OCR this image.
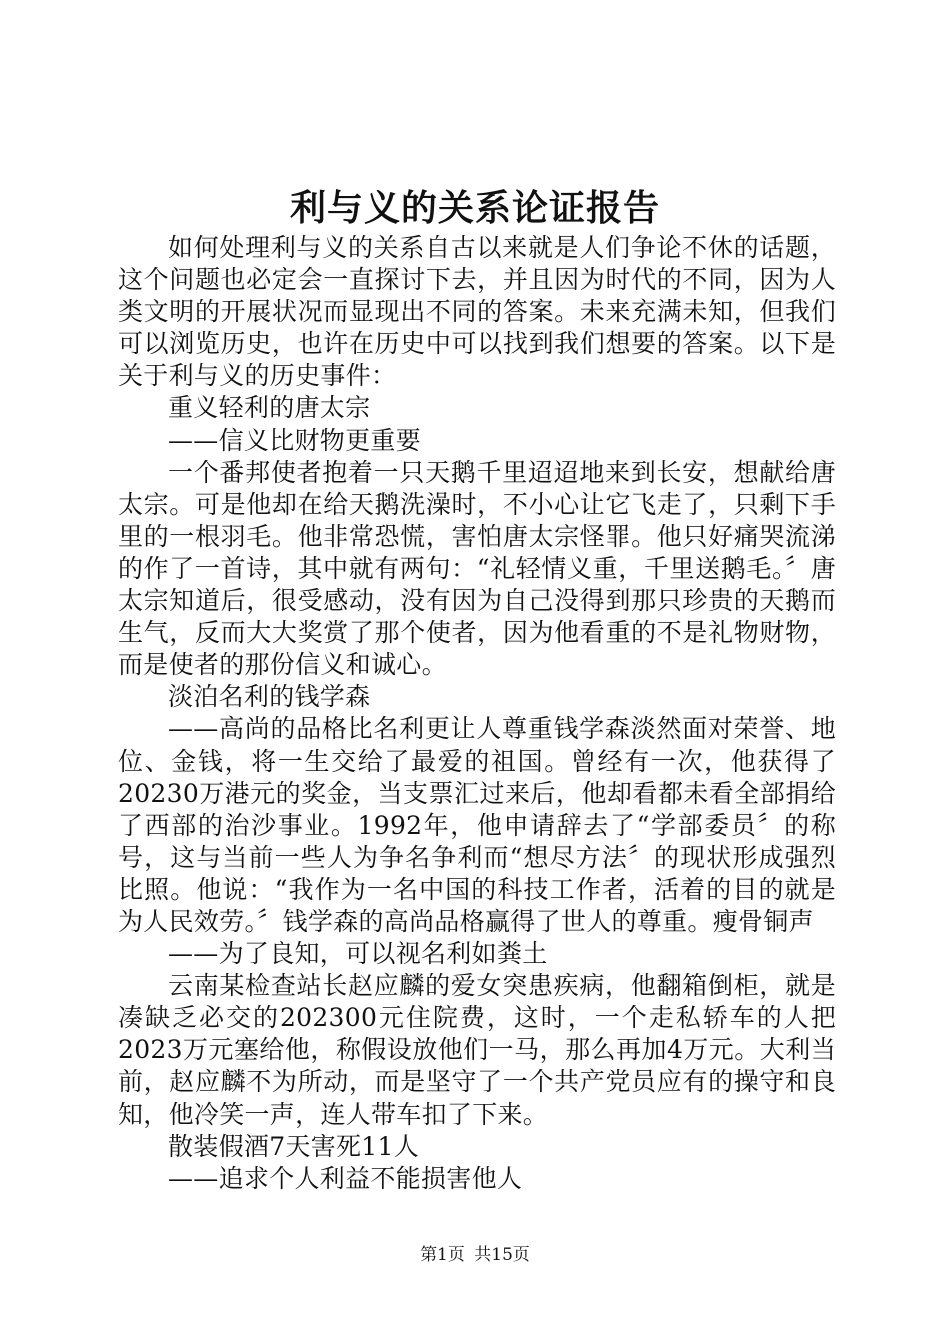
利与义的关系论证报告

如何处理利与义的关系自古以来就是人们争论不休的话题，这个问题也必定会一直探讨下去，并且因为时代的不同，因为人类文明的开展状况而显现出不同的答案。未来充满未知，但我们可以浏览历史，也许在历史中可以找到我们想要的答案。以下是关于利与义的历史事件：

重义轻利的唐太宗

——信义比财物更重要

一个番邦使者抱着一只天鹅千里迢迢地来到长安，想献给唐太宗。可是他却在给天鹅洗澡时，不小心让它飞走了，只剩下手里的一根羽毛。他非常恐慌，害怕唐太宗怪罪。他只好痛哭流涕的作了一首诗，其中就有两句：“礼轻情义重，千里送鹅毛。〞唐太宗知道后，很受感动，没有因为自己没得到那只珍贵的天鹅而生气，反而大大奖赏了那个使者，因为他看重的不是礼物财物，而是使者的那份信义和诚心。

淡泊名利的钱学森

——高尚的品格比名利更让人尊重钱学森淡然面对荣誉、地位、金钱，将一生交给了最爱的祖国。曾经有一次，他获得了20230万港元的奖金，当支票汇过来后，他却看都未看全部捐给了西部的治沙事业。1992年，他申请辞去了“学部委员〞的称号，这与当前一些人为争名争利而“想尽方法〞的现状形成强烈比照。他说：“我作为一名中国的科技工作者，活着的目的就是为人民效劳。〞钱学森的高尚品格赢得了世人的尊重。瘦骨铜声

——为了良知，可以视名利如粪土

云南某检查站长赵应麟的爱女突患疾病，他翻箱倒柜，就是凑缺乏必交的202300元住院费，这时，一个走私轿车的人把2023万元塞给他，称假设放他们一马，那么再加4万元。大利当前，赵应麟不为所动，而是坚守了一个共产党员应有的操守和良知，他冷笑一声，连人带车扣了下来。

散装假酒7天害死11人

——追求个人利益不能损害他人

第1页 共15页
